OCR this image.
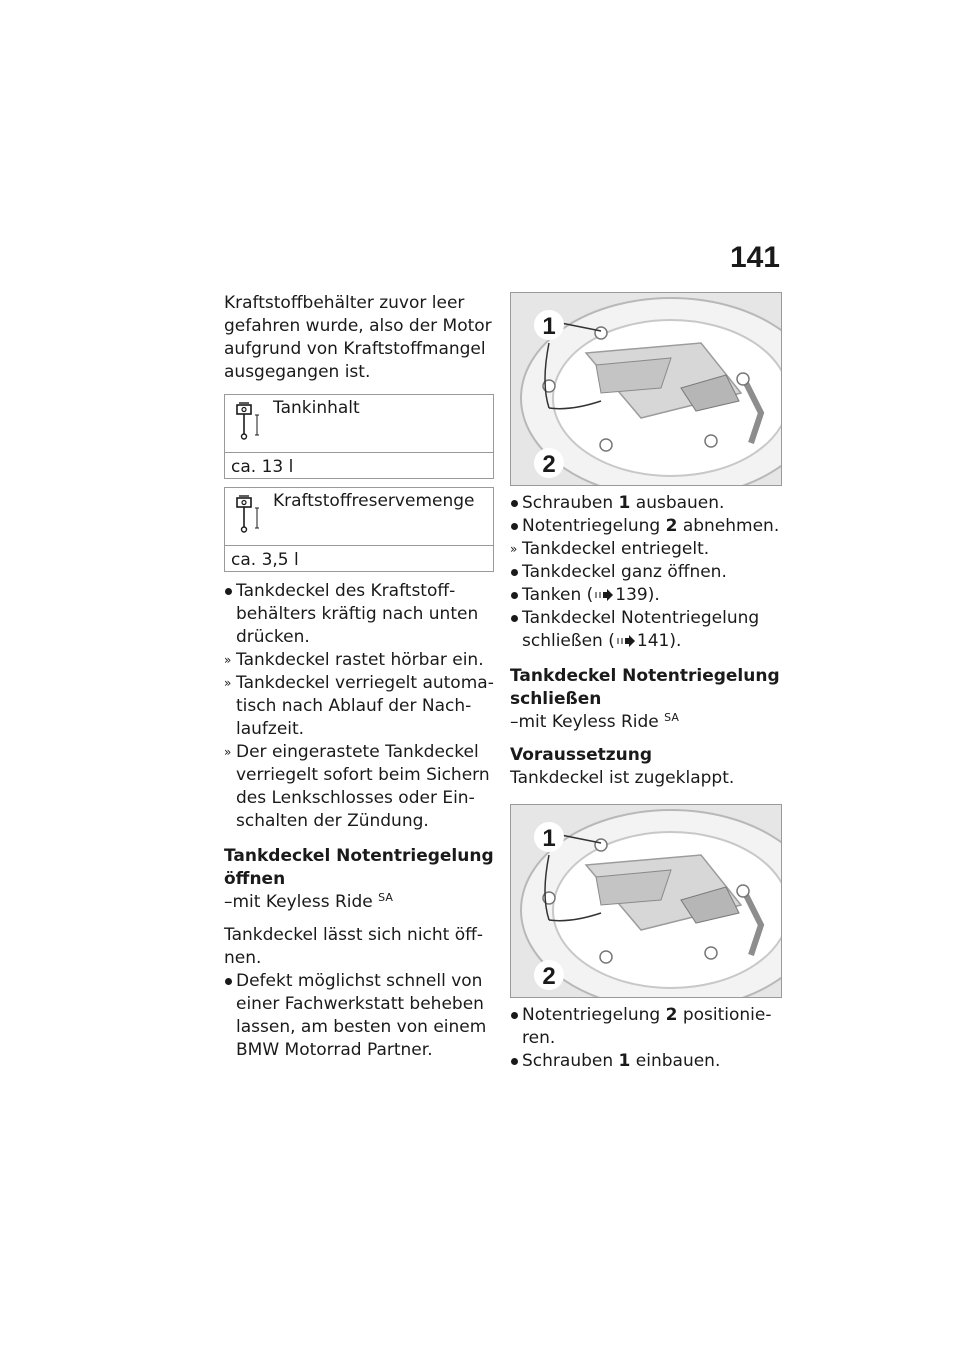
141

Kraftstoffbehälter zuvor leer gefahren wurde, also der Motor aufgrund von Kraftstoffmangel ausgegangen ist.

Tankinhalt
ca. 13 l
Kraftstoffreservemenge
ca. 3,5 l
Tankdeckel des Kraftstoffbehälters kräftig nach unten drücken.
» Tankdeckel rastet hörbar ein.
» Tankdeckel verriegelt automatisch nach Ablauf der Nachlaufzeit.
» Der eingerastete Tankdeckel verriegelt sofort beim Sichern des Lenkschlosses oder Einschalten der Zündung.

Tankdeckel Notentriegelung öffnen

–mit Keyless Ride $^{SA}$

Tankdeckel lässt sich nicht öffnen.

Defekt möglichst schnell von einer Fachwerkstatt beheben lassen, am besten von einem BMW Motorrad Partner.
1
2
Schrauben 1 ausbauen.
Notentriegelung 2 abnehmen.
» Tankdeckel entriegelt.
Tankdeckel ganz öffnen.
Tanken ( 139).
Tankdeckel Notentriegelung schließen ( 141).

Tankdeckel Notentriegelung schließen

–mit Keyless Ride $^{SA}$

Voraussetzung

Tankdeckel ist zugeklappt.

1
2
Notentriegelung 2 positionieren.
Schrauben 1 einbauen.
